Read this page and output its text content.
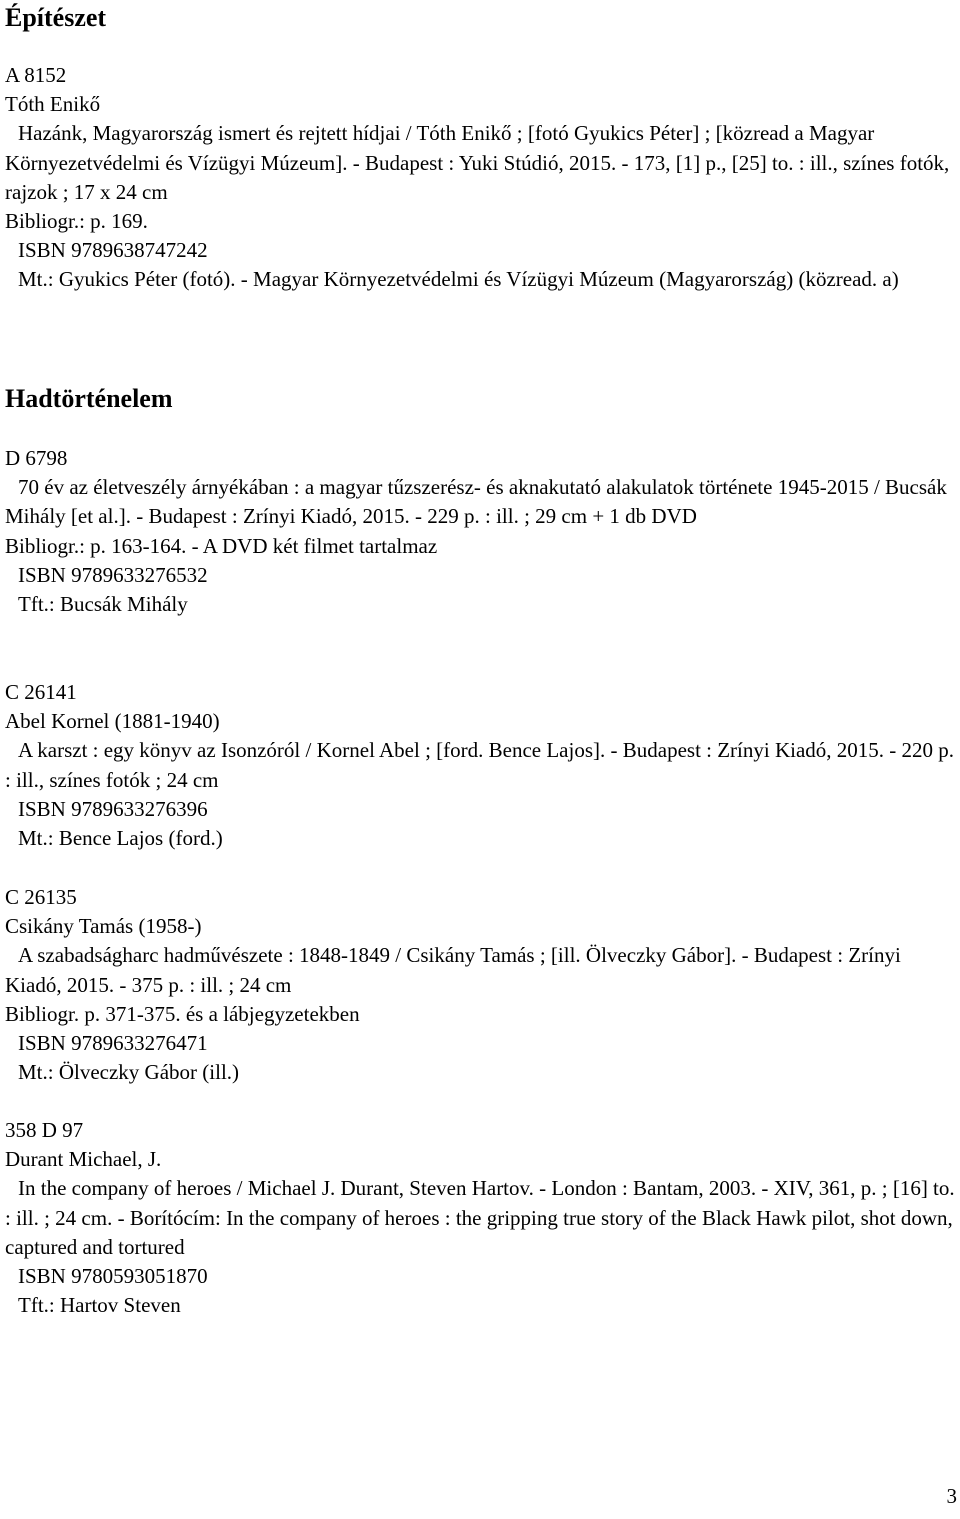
Építészet

A 8152

Tóth Enikő

Hazánk, Magyarország ismert és rejtett hídjai / Tóth Enikő ; [fotó Gyukics Péter] ; [közread a Magyar Környezetvédelmi és Vízügyi Múzeum]. - Budapest : Yuki Stúdió, 2015. - 173, [1] p., [25] to. : ill., színes fotók, rajzok ; 17 x 24 cm

Bibliogr.: p. 169.

ISBN 9789638747242

Mt.: Gyukics Péter (fotó). - Magyar Környezetvédelmi és Vízügyi Múzeum (Magyarország) (közread. a)

Hadtörténelem

D 6798

70 év az életveszély árnyékában : a magyar tűzszerész- és aknakutató alakulatok története 1945-2015 / Bucsák Mihály [et al.]. - Budapest : Zrínyi Kiadó, 2015. - 229 p. : ill. ; 29 cm + 1 db DVD

Bibliogr.: p. 163-164. - A DVD két filmet tartalmaz

ISBN 9789633276532

Tft.: Bucsák Mihály

C 26141

Abel Kornel (1881-1940)

A karszt : egy könyv az Isonzóról / Kornel Abel ; [ford. Bence Lajos]. - Budapest : Zrínyi Kiadó, 2015. - 220 p. : ill., színes fotók ; 24 cm

ISBN 9789633276396

Mt.: Bence Lajos (ford.)

C 26135

Csikány Tamás (1958-)

A szabadságharc hadművészete : 1848-1849 / Csikány Tamás ; [ill. Ölveczky Gábor]. - Budapest : Zrínyi Kiadó, 2015. - 375 p. : ill. ; 24 cm

Bibliogr. p. 371-375. és a lábjegyzetekben

ISBN 9789633276471

Mt.: Ölveczky Gábor (ill.)

358 D 97

Durant Michael, J.

In the company of heroes / Michael J. Durant, Steven Hartov. - London : Bantam, 2003. - XIV, 361, p. ; [16] to. : ill. ; 24 cm. - Borítócím: In the company of heroes : the gripping true story of the Black Hawk pilot, shot down, captured and tortured

ISBN 9780593051870

Tft.: Hartov Steven

3
